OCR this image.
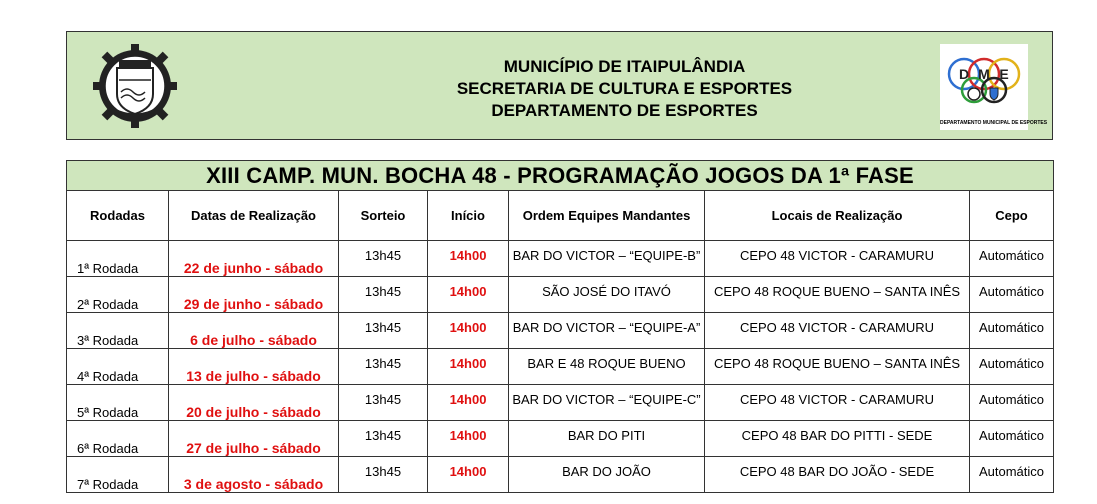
MUNICÍPIO DE ITAIPULÂNDIA
SECRETARIA DE CULTURA E ESPORTES
DEPARTAMENTO DE ESPORTES
D M E
DEPARTAMENTO MUNICIPAL DE ESPORTES
XIII CAMP. MUN. BOCHA 48 - PROGRAMAÇÃO JOGOS DA 1ª FASE						
Rodadas	Datas de Realização	Sorteio	Início	Ordem Equipes Mandantes	Locais de Realização	Cepo
1ª Rodada	22 de junho - sábado	13h45	14h00	BAR DO VICTOR – “EQUIPE-B”	CEPO 48 VICTOR - CARAMURU	Automático
2ª Rodada	29 de junho - sábado	13h45	14h00	SÃO JOSÉ DO ITAVÓ	CEPO 48 ROQUE BUENO – SANTA INÊS	Automático
3ª Rodada	6 de julho - sábado	13h45	14h00	BAR DO VICTOR – “EQUIPE-A”	CEPO 48 VICTOR - CARAMURU	Automático
4ª Rodada	13 de julho - sábado	13h45	14h00	BAR E 48 ROQUE BUENO	CEPO 48 ROQUE BUENO – SANTA INÊS	Automático
5ª Rodada	20 de julho - sábado	13h45	14h00	BAR DO VICTOR – “EQUIPE-C”	CEPO 48 VICTOR - CARAMURU	Automático
6ª Rodada	27 de julho - sábado	13h45	14h00	BAR DO PITI	CEPO 48 BAR DO PITTI - SEDE	Automático
7ª Rodada	3 de agosto - sábado	13h45	14h00	BAR DO JOÃO	CEPO 48 BAR DO JOÃO - SEDE	Automático
